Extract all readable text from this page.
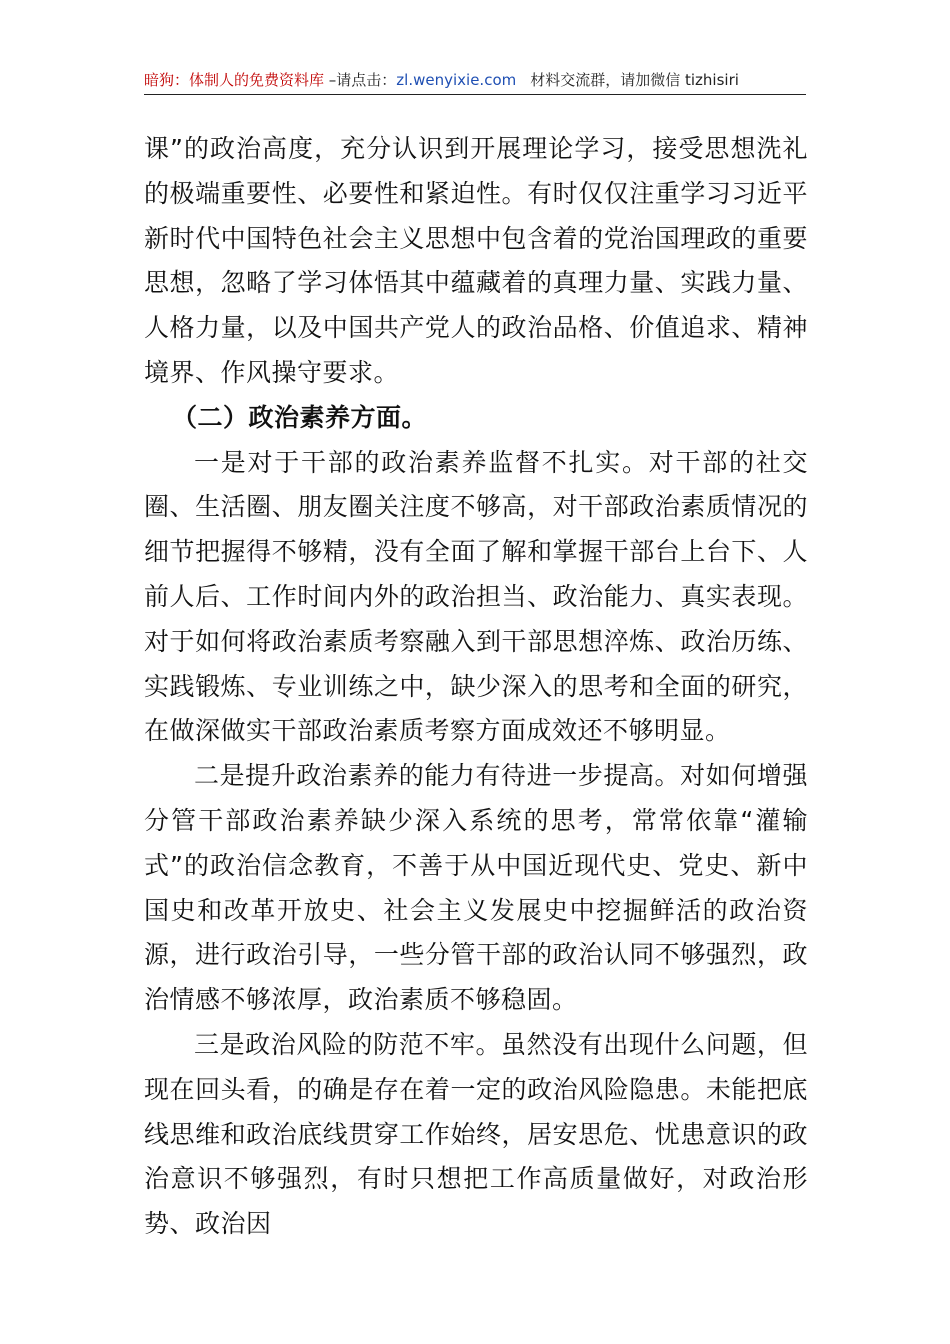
暗狗：体制人的免费资料库 –请点击：zl.wenyixie.com 材料交流群，请加微信 tizhisiri

课”的政治高度，充分认识到开展理论学习，接受思想洗礼的极端重要性、必要性和紧迫性。有时仅仅注重学习习近平新时代中国特色社会主义思想中包含着的党治国理政的重要思想，忽略了学习体悟其中蕴藏着的真理力量、实践力量、人格力量，以及中国共产党人的政治品格、价值追求、精神境界、作风操守要求。

（二）政治素养方面。

一是对于干部的政治素养监督不扎实。对干部的社交圈、生活圈、朋友圈关注度不够高，对干部政治素质情况的细节把握得不够精，没有全面了解和掌握干部台上台下、人前人后、工作时间内外的政治担当、政治能力、真实表现。对于如何将政治素质考察融入到干部思想淬炼、政治历练、实践锻炼、专业训练之中，缺少深入的思考和全面的研究，在做深做实干部政治素质考察方面成效还不够明显。

二是提升政治素养的能力有待进一步提高。对如何增强分管干部政治素养缺少深入系统的思考，常常依靠“灌输式”的政治信念教育，不善于从中国近现代史、党史、新中国史和改革开放史、社会主义发展史中挖掘鲜活的政治资源，进行政治引导，一些分管干部的政治认同不够强烈，政治情感不够浓厚，政治素质不够稳固。

三是政治风险的防范不牢。虽然没有出现什么问题，但现在回头看，的确是存在着一定的政治风险隐患。未能把底线思维和政治底线贯穿工作始终，居安思危、忧患意识的政治意识不够强烈，有时只想把工作高质量做好，对政治形势、政治因
